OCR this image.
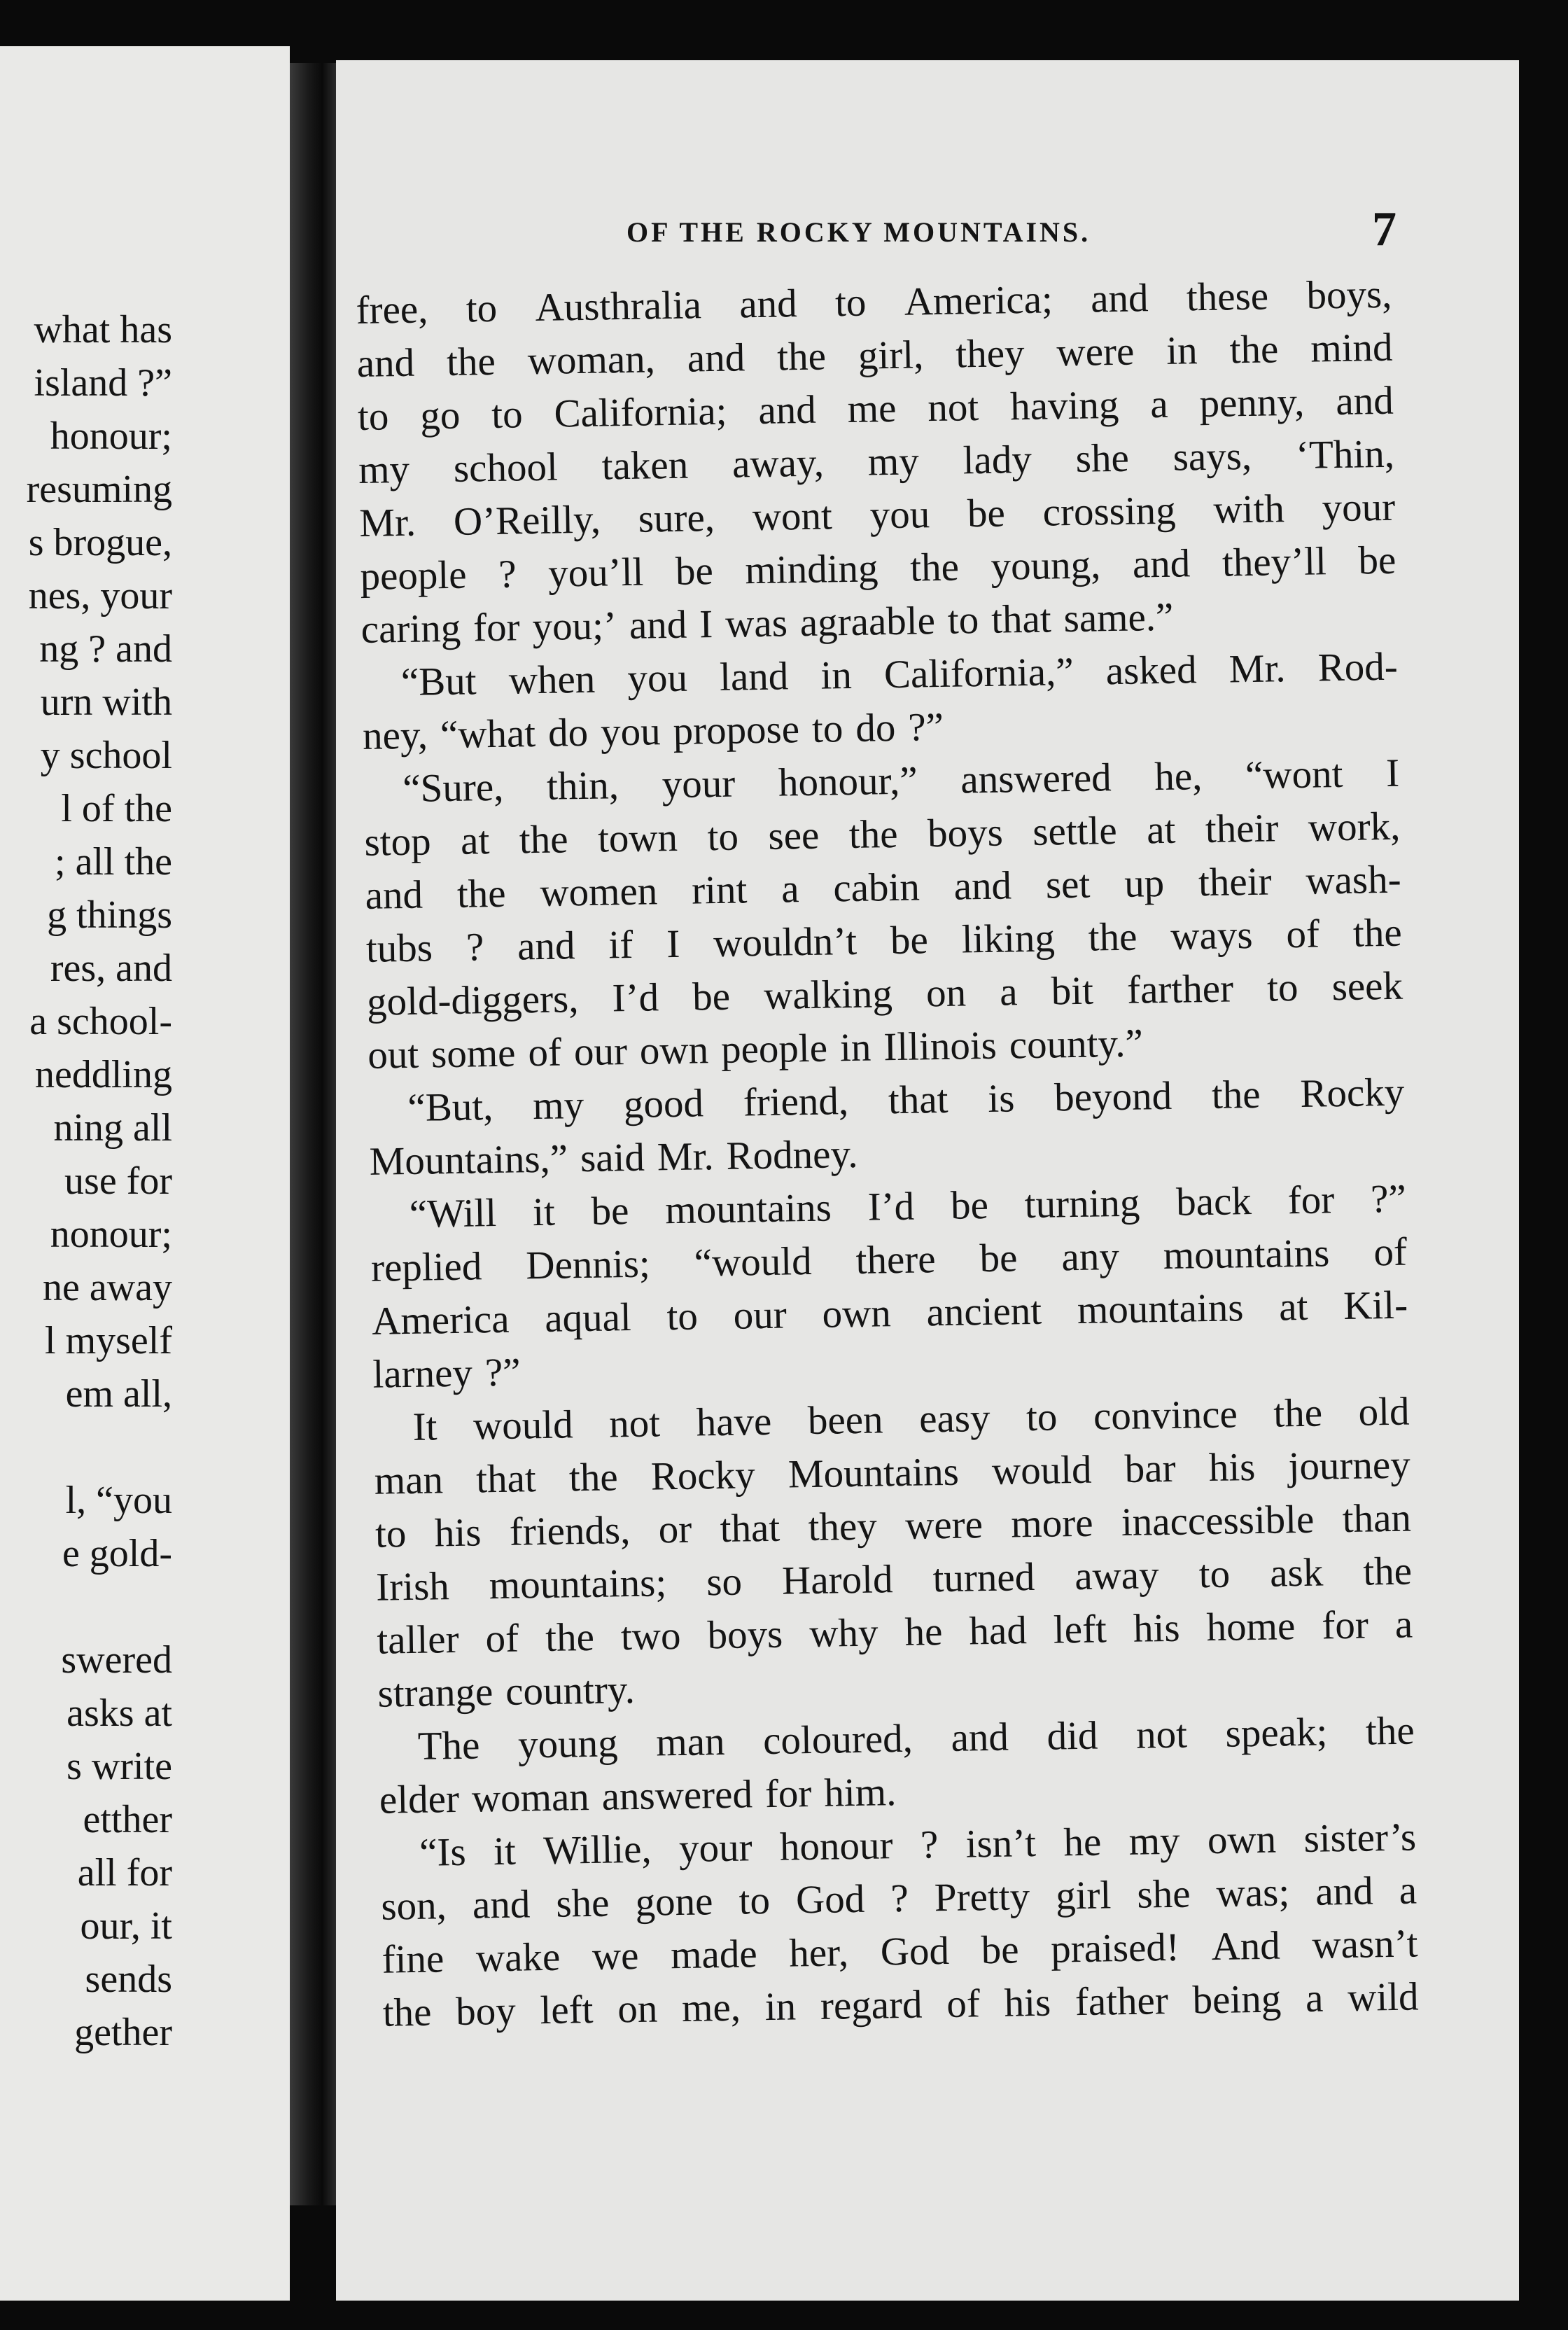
what has
island ?”
honour;
resuming
s brogue,
nes, your
ng ? and
urn with
y school
l of the
; all the
g things
res, and
a school-
neddling
ning all
use for
nonour;
ne away
l myself
em all,
l, “you
e gold-
swered
asks at
s write
etther
all for
our, it
sends
gether
OF THE ROCKY MOUNTAINS.	7
free, to Austhralia and to America; and these boys,
and the woman, and the girl, they were in the mind
to go to California; and me not having a penny, and
my school taken away, my lady she says, ‘Thin,
Mr. O’Reilly, sure, wont you be crossing with your
people ? you’ll be minding the young, and they’ll be
caring for you;’ and I was agraable to that same.”
“But when you land in California,” asked Mr. Rod-
ney, “what do you propose to do ?”
“Sure, thin, your honour,” answered he, “wont I
stop at the town to see the boys settle at their work,
and the women rint a cabin and set up their wash-
tubs ? and if I wouldn’t be liking the ways of the
gold-diggers, I’d be walking on a bit farther to seek
out some of our own people in Illinois county.”
“But, my good friend, that is beyond the Rocky
Mountains,” said Mr. Rodney.
“Will it be mountains I’d be turning back for ?”
replied Dennis; “would there be any mountains of
America aqual to our own ancient mountains at Kil-
larney ?”
It would not have been easy to convince the old
man that the Rocky Mountains would bar his journey
to his friends, or that they were more inaccessible than
Irish mountains; so Harold turned away to ask the
taller of the two boys why he had left his home for a
strange country.
The young man coloured, and did not speak; the
elder woman answered for him.
“Is it Willie, your honour ? isn’t he my own sister’s
son, and she gone to God ? Pretty girl she was; and a
fine wake we made her, God be praised! And wasn’t
the boy left on me, in regard of his father being a wild
